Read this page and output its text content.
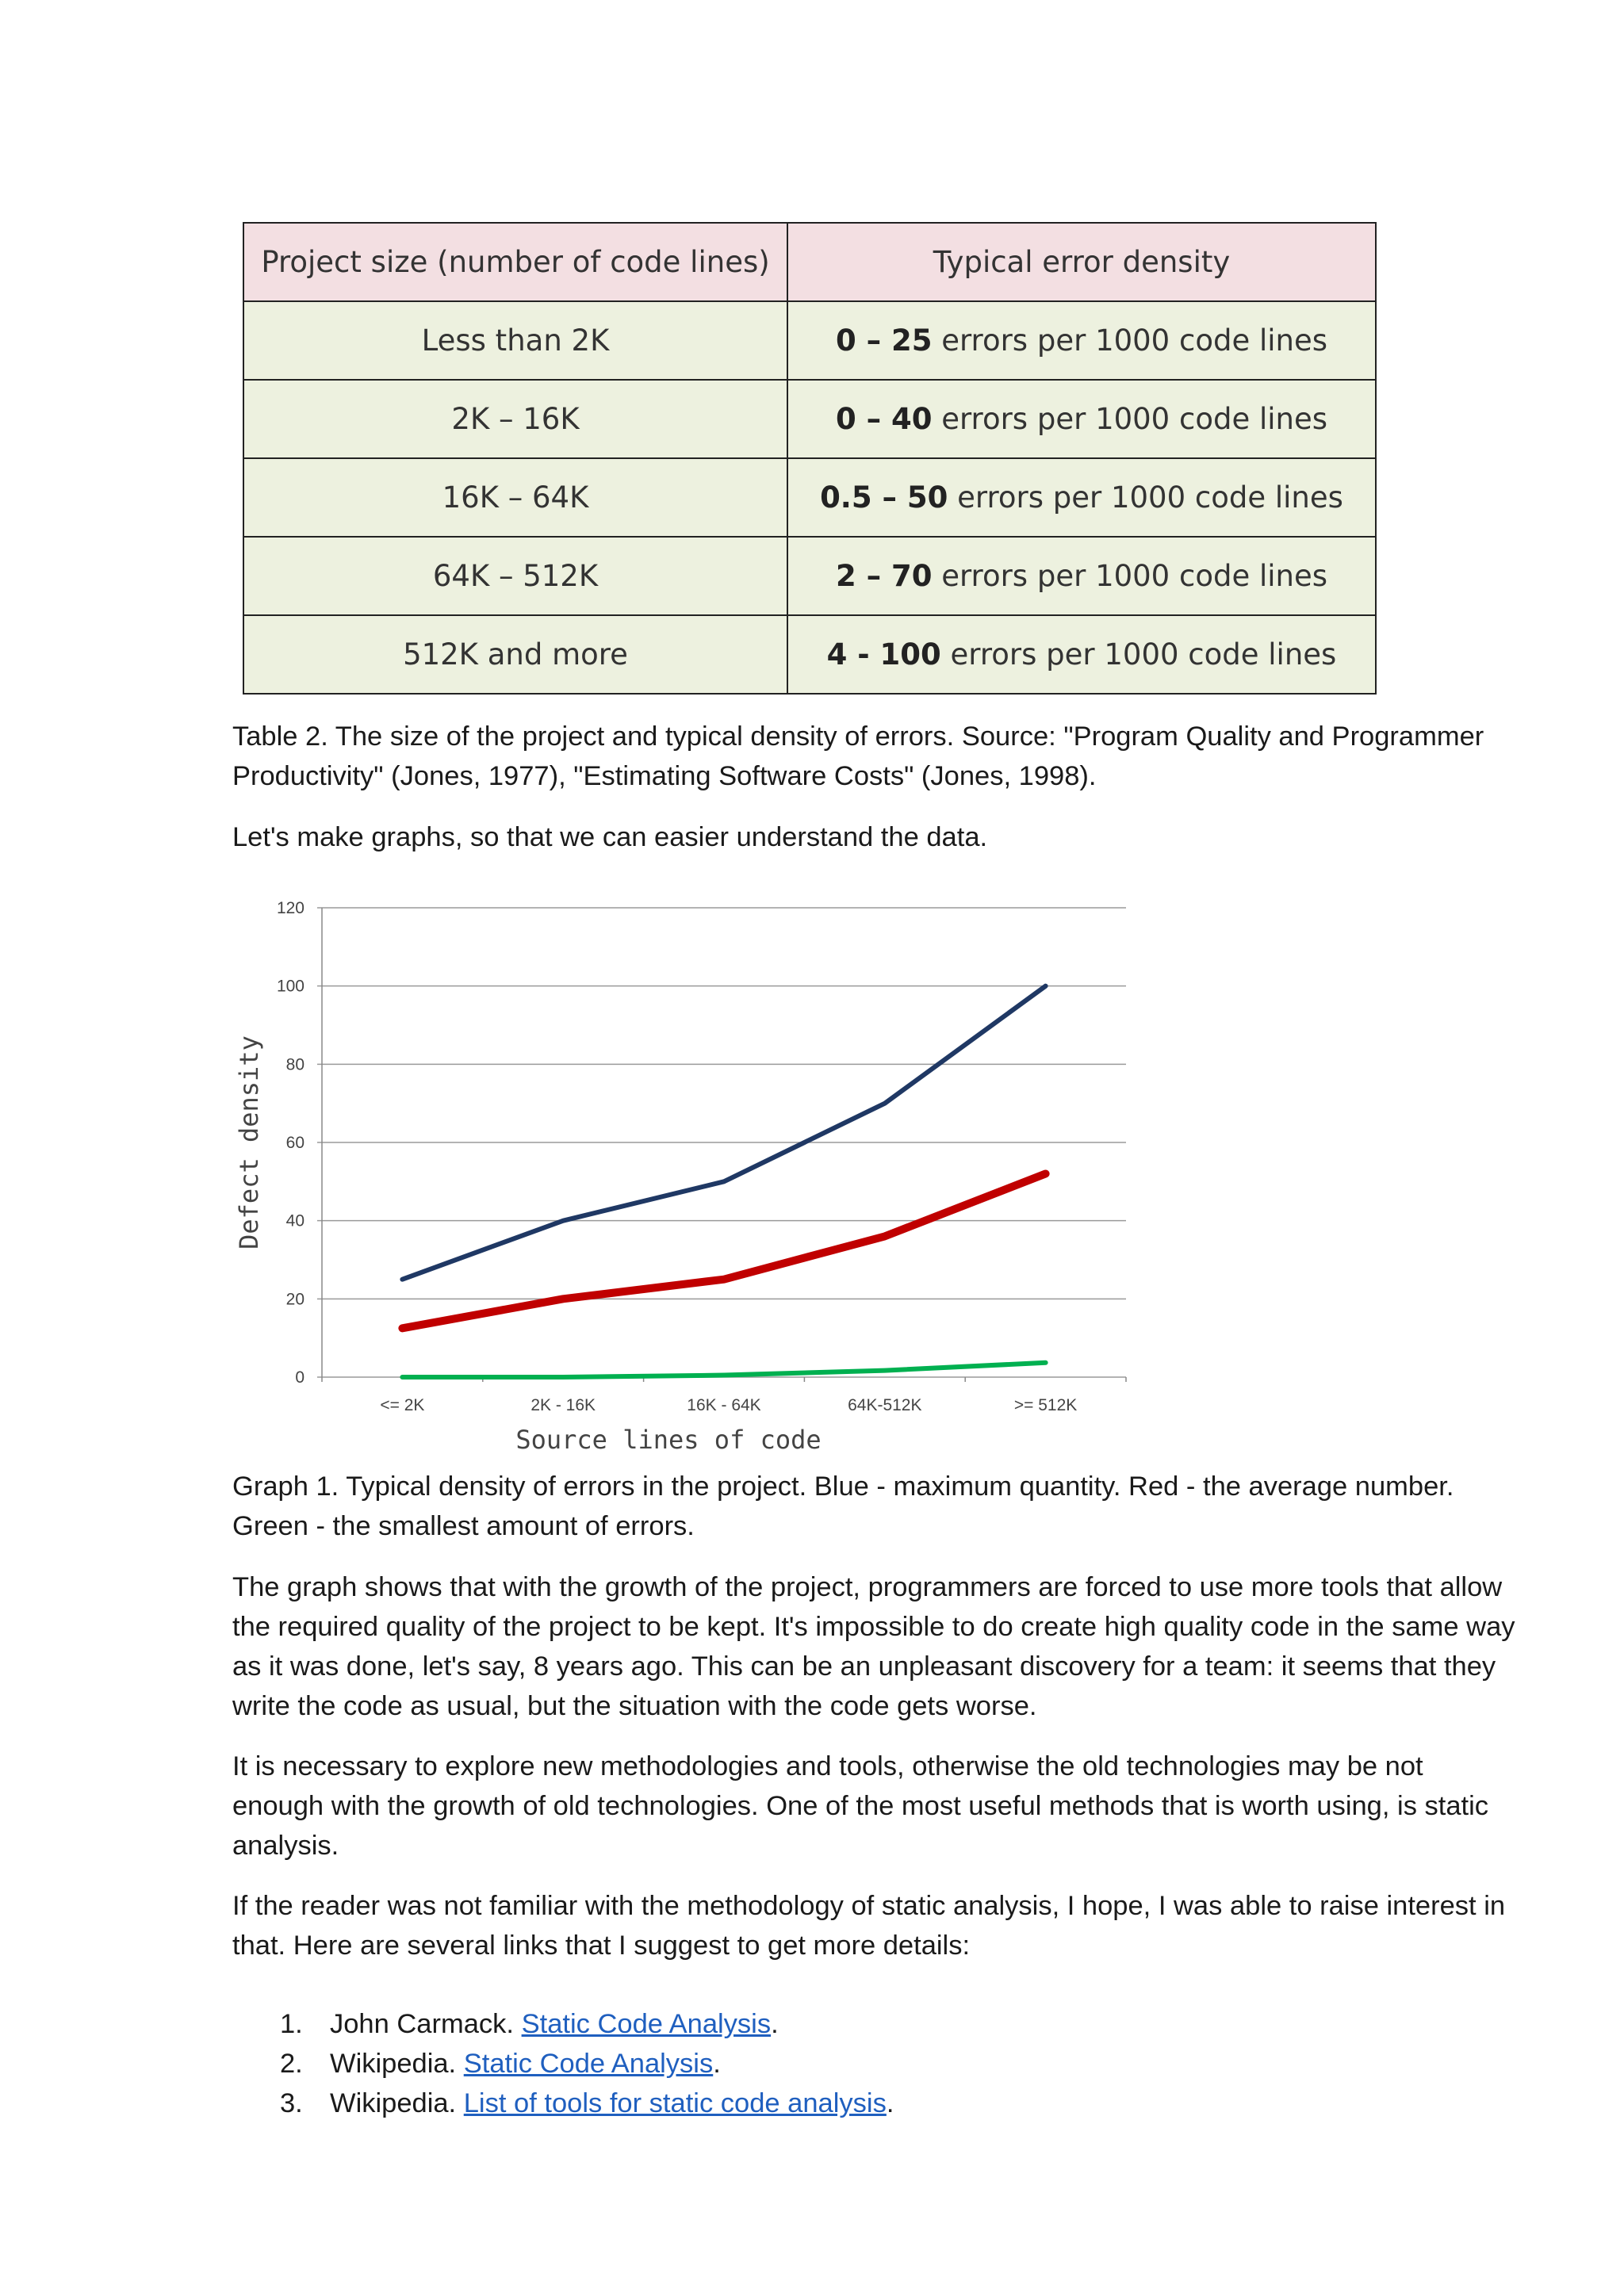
Project size (number of code lines)	Typical error density
Less than 2K	0 – 25 errors per 1000 code lines
2K – 16K	0 – 40 errors per 1000 code lines
16K – 64K	0.5 – 50 errors per 1000 code lines
64K – 512K	2 – 70 errors per 1000 code lines
512K and more	4 - 100 errors per 1000 code lines

Table 2. The size of the project and typical density of errors. Source: "Program Quality and Programmer Productivity" (Jones, 1977), "Estimating Software Costs" (Jones, 1998).

Let's make graphs, so that we can easier understand the data.

0
20
40
60
80
100
120
<= 2K	2K - 16K	16K - 64K	64K-512K	>= 512K
Defect density
Source lines of code

Graph 1. Typical density of errors in the project. Blue - maximum quantity. Red - the average number. Green - the smallest amount of errors.

The graph shows that with the growth of the project, programmers are forced to use more tools that allow the required quality of the project to be kept. It's impossible to do create high quality code in the same way as it was done, let's say, 8 years ago. This can be an unpleasant discovery for a team: it seems that they write the code as usual, but the situation with the code gets worse.

It is necessary to explore new methodologies and tools, otherwise the old technologies may be not enough with the growth of old technologies. One of the most useful methods that is worth using, is static analysis.

If the reader was not familiar with the methodology of static analysis, I hope, I was able to raise interest in that. Here are several links that I suggest to get more details:

1. John Carmack. Static Code Analysis.
2. Wikipedia. Static Code Analysis.
3. Wikipedia. List of tools for static code analysis.
